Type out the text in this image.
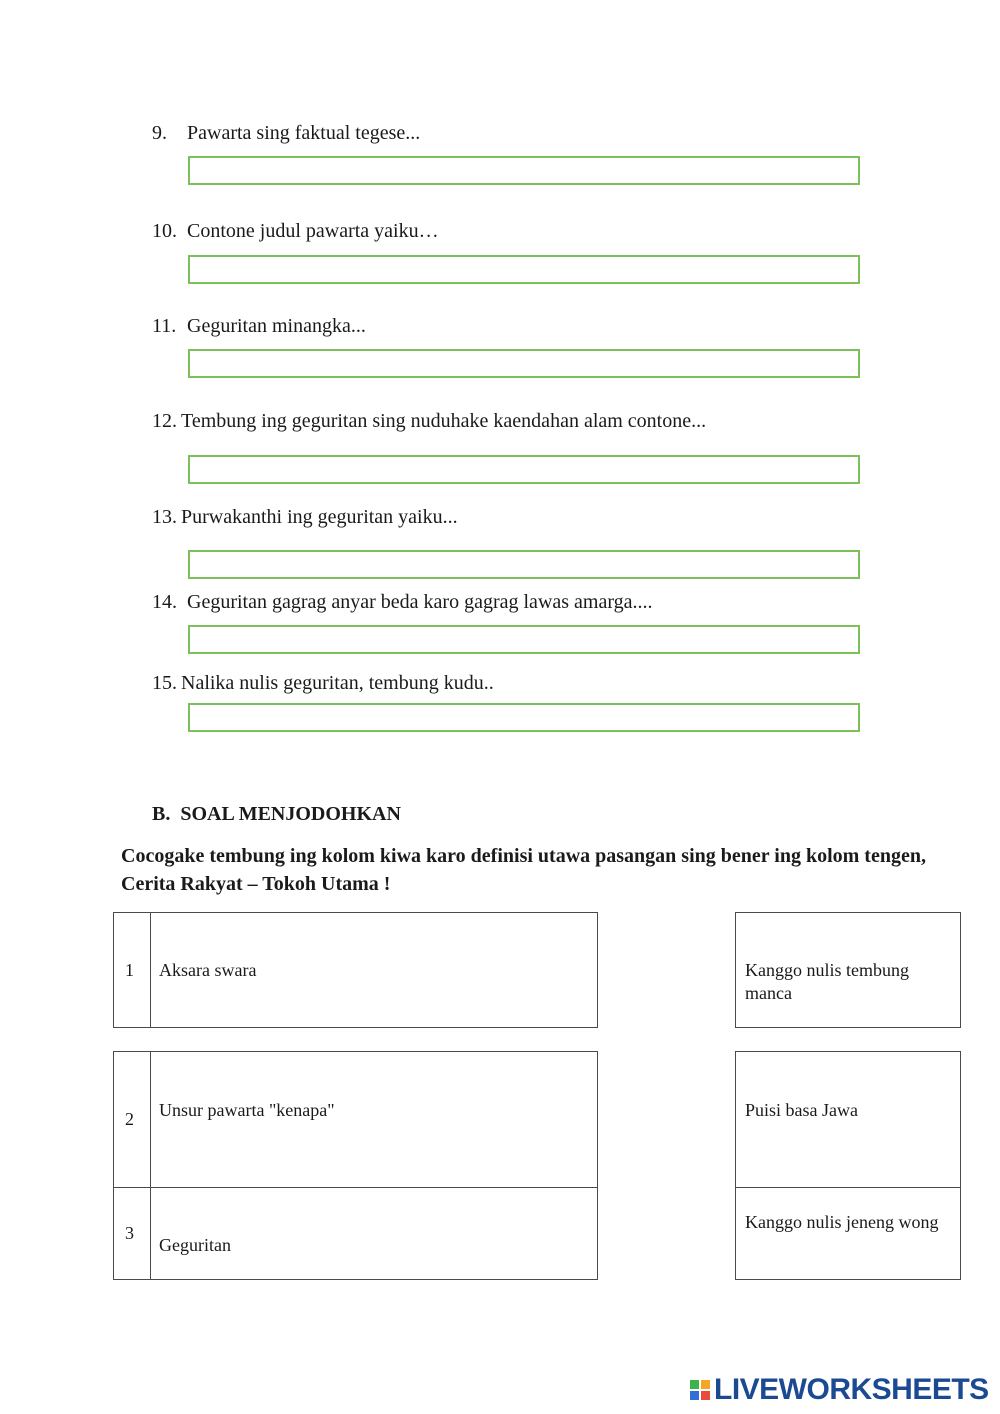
9. Pawarta sing faktual tegese...
10. Contone judul pawarta yaiku…
11. Geguritan minangka...
12. Tembung ing geguritan sing nuduhake kaendahan alam contone...
13. Purwakanthi ing geguritan yaiku...
14. Geguritan gagrag anyar beda karo gagrag lawas amarga....
15. Nalika nulis geguritan, tembung kudu..
B.  SOAL MENJODOHKAN
Cocogake tembung ing kolom kiwa karo definisi utawa pasangan sing bener ing kolom tengen, Cerita Rakyat – Tokoh Utama !
1 Aksara swara
2 Unsur pawarta "kenapa"
3
Geguritan
Kanggo nulis tembung manca
Puisi basa Jawa
Kanggo nulis jeneng wong
LIVEWORKSHEETS
